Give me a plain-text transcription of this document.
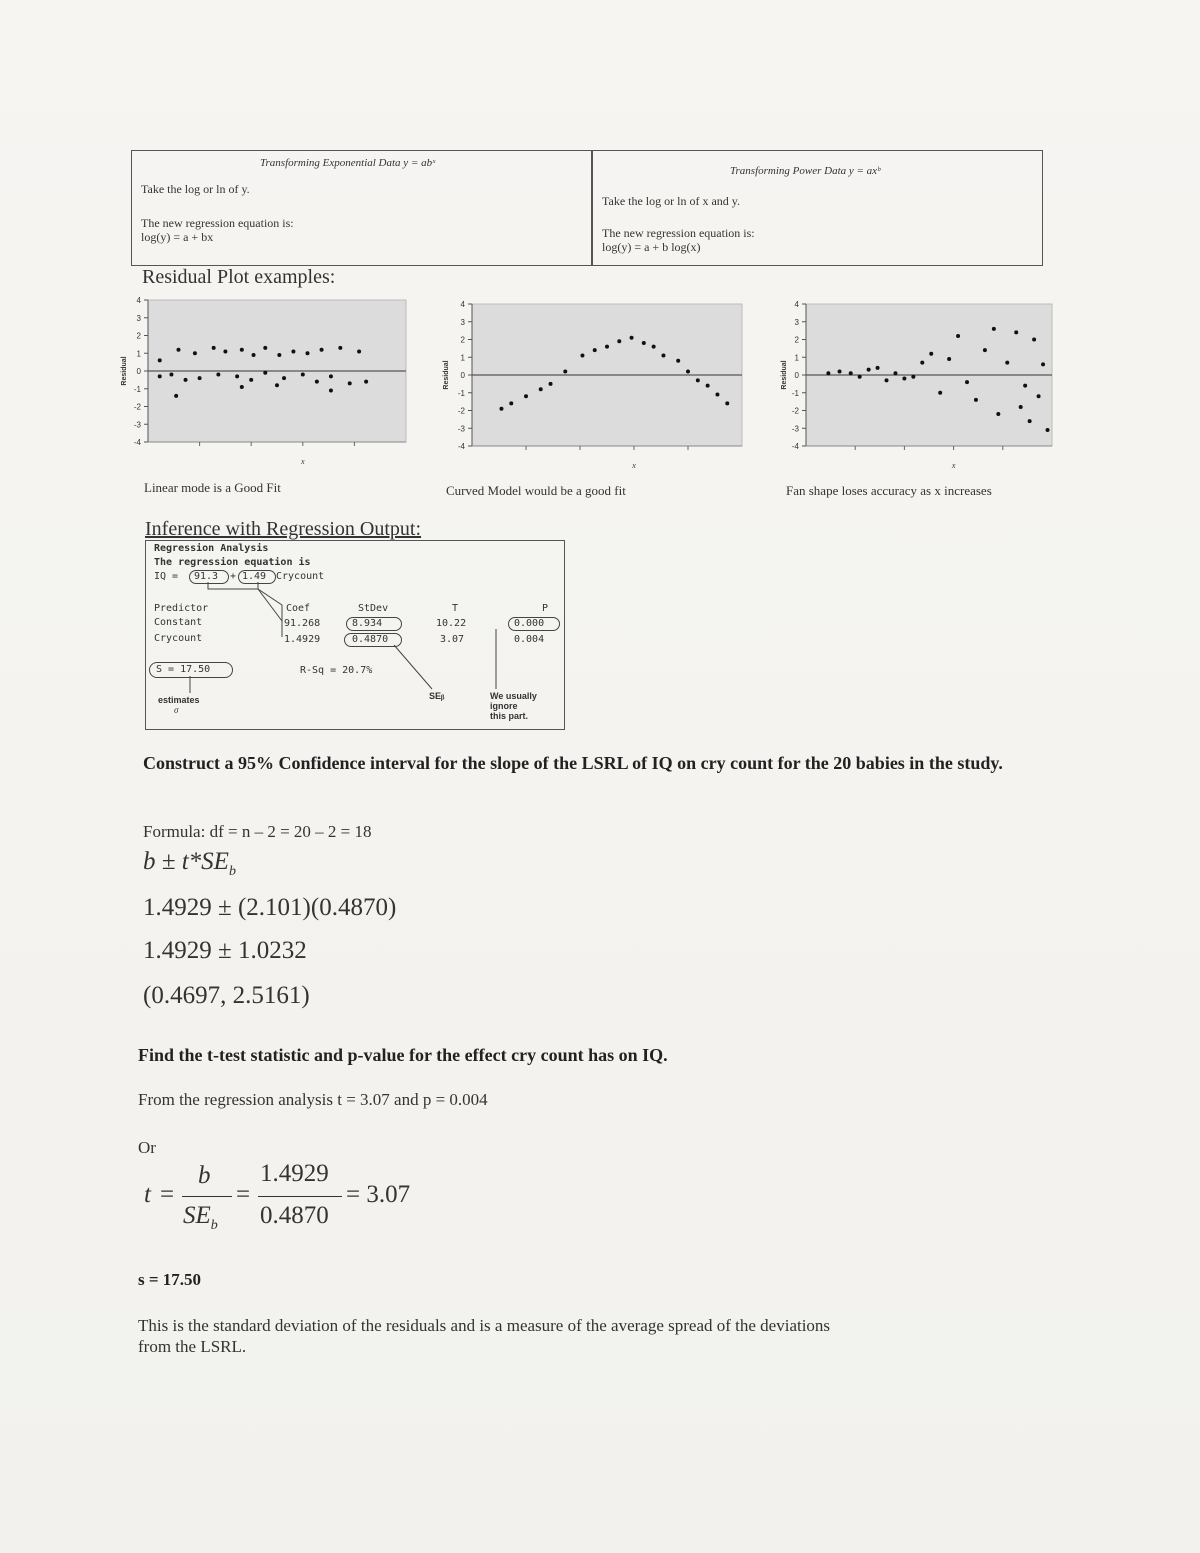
Transforming Exponential Data y = abˣ
Take the log or ln of y.
The new regression equation is:
log(y) = a + bx
Transforming Power Data y = axᵇ
Take the log or ln of x and y.
The new regression equation is:
log(y) = a + b log(x)
Residual Plot examples:
4
3
2
1
0
-1
-2
-3
-4
Residual
x
4
3
2
1
0
-1
-2
-3
-4
Residual
x
4
3
2
1
0
-1
-2
-3
-4
Residual
x
Linear mode is a Good Fit	Curved Model would be a good fit	Fan shape loses accuracy as x increases
Inference with Regression Output:
Regression Analysis
The regression equation is
IQ = 91.3 + 1.49 Crycount
Predictor	Coef	StDev	T	P
Constant	91.268	8.934	10.22	0.000
Crycount	1.4929	0.4870	3.07	0.004
S = 17.50	R-Sq = 20.7%
estimates
σ
SEᵦ	We usually
ignore
this part.
Construct a 95% Confidence interval for the slope of the LSRL of IQ on cry count for the 20 babies in the study.
Formula: df = n – 2 = 20 – 2 = 18
$b \pm t*SE_b$
1.4929 ± (2.101)(0.4870)
1.4929 ± 1.0232
(0.4697, 2.5161)
Find the t-test statistic and p-value for the effect cry count has on IQ.
From the regression analysis t = 3.07 and p = 0.004
Or
t =
b
$SE_b$
=
1.4929
0.4870
= 3.07
s = 17.50
This is the standard deviation of the residuals and is a measure of the average spread of the deviations
from the LSRL.
